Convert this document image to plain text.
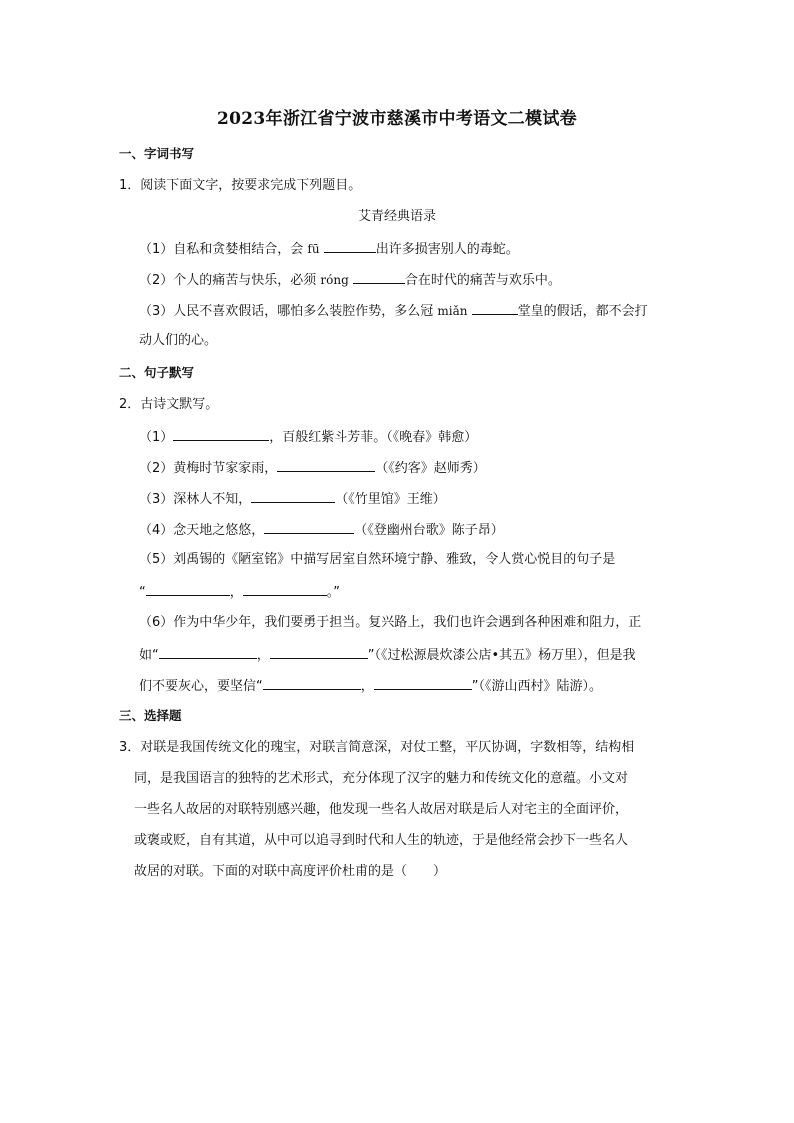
2023年浙江省宁波市慈溪市中考语文二模试卷
一、字词书写
1．阅读下面文字，按要求完成下列题目。
艾青经典语录
（1）自私和贪婪相结合，会 fū	出许多损害别人的毒蛇。
（2）个人的痛苦与快乐，必须 róng	合在时代的痛苦与欢乐中。
（3）人民不喜欢假话，哪怕多么装腔作势，多么冠 miǎn	堂皇的假话，都不会打
动人们的心。
二、句子默写
2．古诗文默写。
（1）	，百般红紫斗芳菲。（《晚春》韩愈）
（2）黄梅时节家家雨，	（《约客》赵师秀）
（3）深林人不知，	（《竹里馆》王维）
（4）念天地之悠悠，	（《登幽州台歌》陈子昂）
（5）刘禹锡的《陋室铭》中描写居室自然环境宁静、雅致，令人赏心悦目的句子是
“	，	。”
（6）作为中华少年，我们要勇于担当。复兴路上，我们也许会遇到各种困难和阻力，正
如“	，	”（《过松源晨炊漆公店•其五》杨万里），但是我
们不要灰心，要坚信“	，	”（《游山西村》陆游）。
三、选择题
3．对联是我国传统文化的瑰宝，对联言简意深，对仗工整，平仄协调，字数相等，结构相
同，是我国语言的独特的艺术形式，充分体现了汉字的魅力和传统文化的意蕴。小文对
一些名人故居的对联特别感兴趣，他发现一些名人故居对联是后人对宅主的全面评价，
或褒或贬，自有其道，从中可以追寻到时代和人生的轨迹，于是他经常会抄下一些名人
故居的对联。下面的对联中高度评价杜甫的是（　　）
